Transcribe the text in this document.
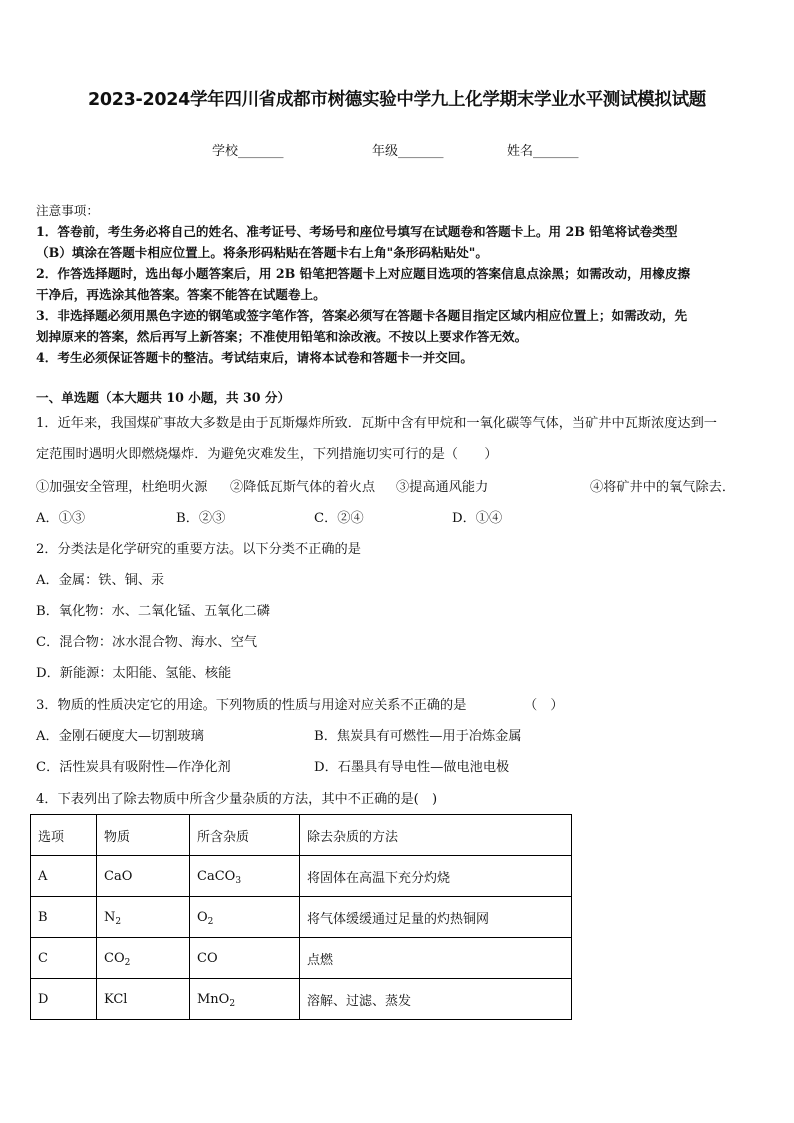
2023-2024学年四川省成都市树德实验中学九上化学期末学业水平测试模拟试题
学校_______	年级_______	姓名_______
注意事项：
1．答卷前，考生务必将自己的姓名、准考证号、考场号和座位号填写在试题卷和答题卡上。用 2B 铅笔将试卷类型
（B）填涂在答题卡相应位置上。将条形码粘贴在答题卡右上角"条形码粘贴处"。
2．作答选择题时，选出每小题答案后，用 2B 铅笔把答题卡上对应题目选项的答案信息点涂黑；如需改动，用橡皮擦
干净后，再选涂其他答案。答案不能答在试题卷上。
3．非选择题必须用黑色字迹的钢笔或签字笔作答，答案必须写在答题卡各题目指定区域内相应位置上；如需改动，先
划掉原来的答案，然后再写上新答案；不准使用铅笔和涂改液。不按以上要求作答无效。
4．考生必须保证答题卡的整洁。考试结束后，请将本试卷和答题卡一并交回。
一、单选题（本大题共 10 小题，共 30 分）
1．近年来，我国煤矿事故大多数是由于瓦斯爆炸所致．瓦斯中含有甲烷和一氧化碳等气体，当矿井中瓦斯浓度达到一
定范围时遇明火即燃烧爆炸．为避免灾难发生，下列措施切实可行的是（　　）
①加强安全管理，杜绝明火源 ②降低瓦斯气体的着火点 ③提高通风能力	④将矿井中的氧气除去．
A．①③	B．②③	C．②④	D．①④
2．分类法是化学研究的重要方法。以下分类不正确的是
A．金属：铁、铜、汞
B．氧化物：水、二氧化锰、五氧化二磷
C．混合物：冰水混合物、海水、空气
D．新能源：太阳能、氢能、核能
3．物质的性质决定它的用途。下列物质的性质与用途对应关系不正确的是	（　）
A．金刚石硬度大—切割玻璃	B．焦炭具有可燃性—用于冶炼金属
C．活性炭具有吸附性—作净化剂	D．石墨具有导电性—做电池电极
4．下表列出了除去物质中所含少量杂质的方法，其中不正确的是(　)
选项	物质	所含杂质	除去杂质的方法
A	CaO	CaCO$_3$	将固体在高温下充分灼烧
B	$N_2$	$O_2$	将气体缓缓通过足量的灼热铜网
C	$CO_2$	CO	点燃
D	KCl	MnO$_2$	溶解、过滤、蒸发
